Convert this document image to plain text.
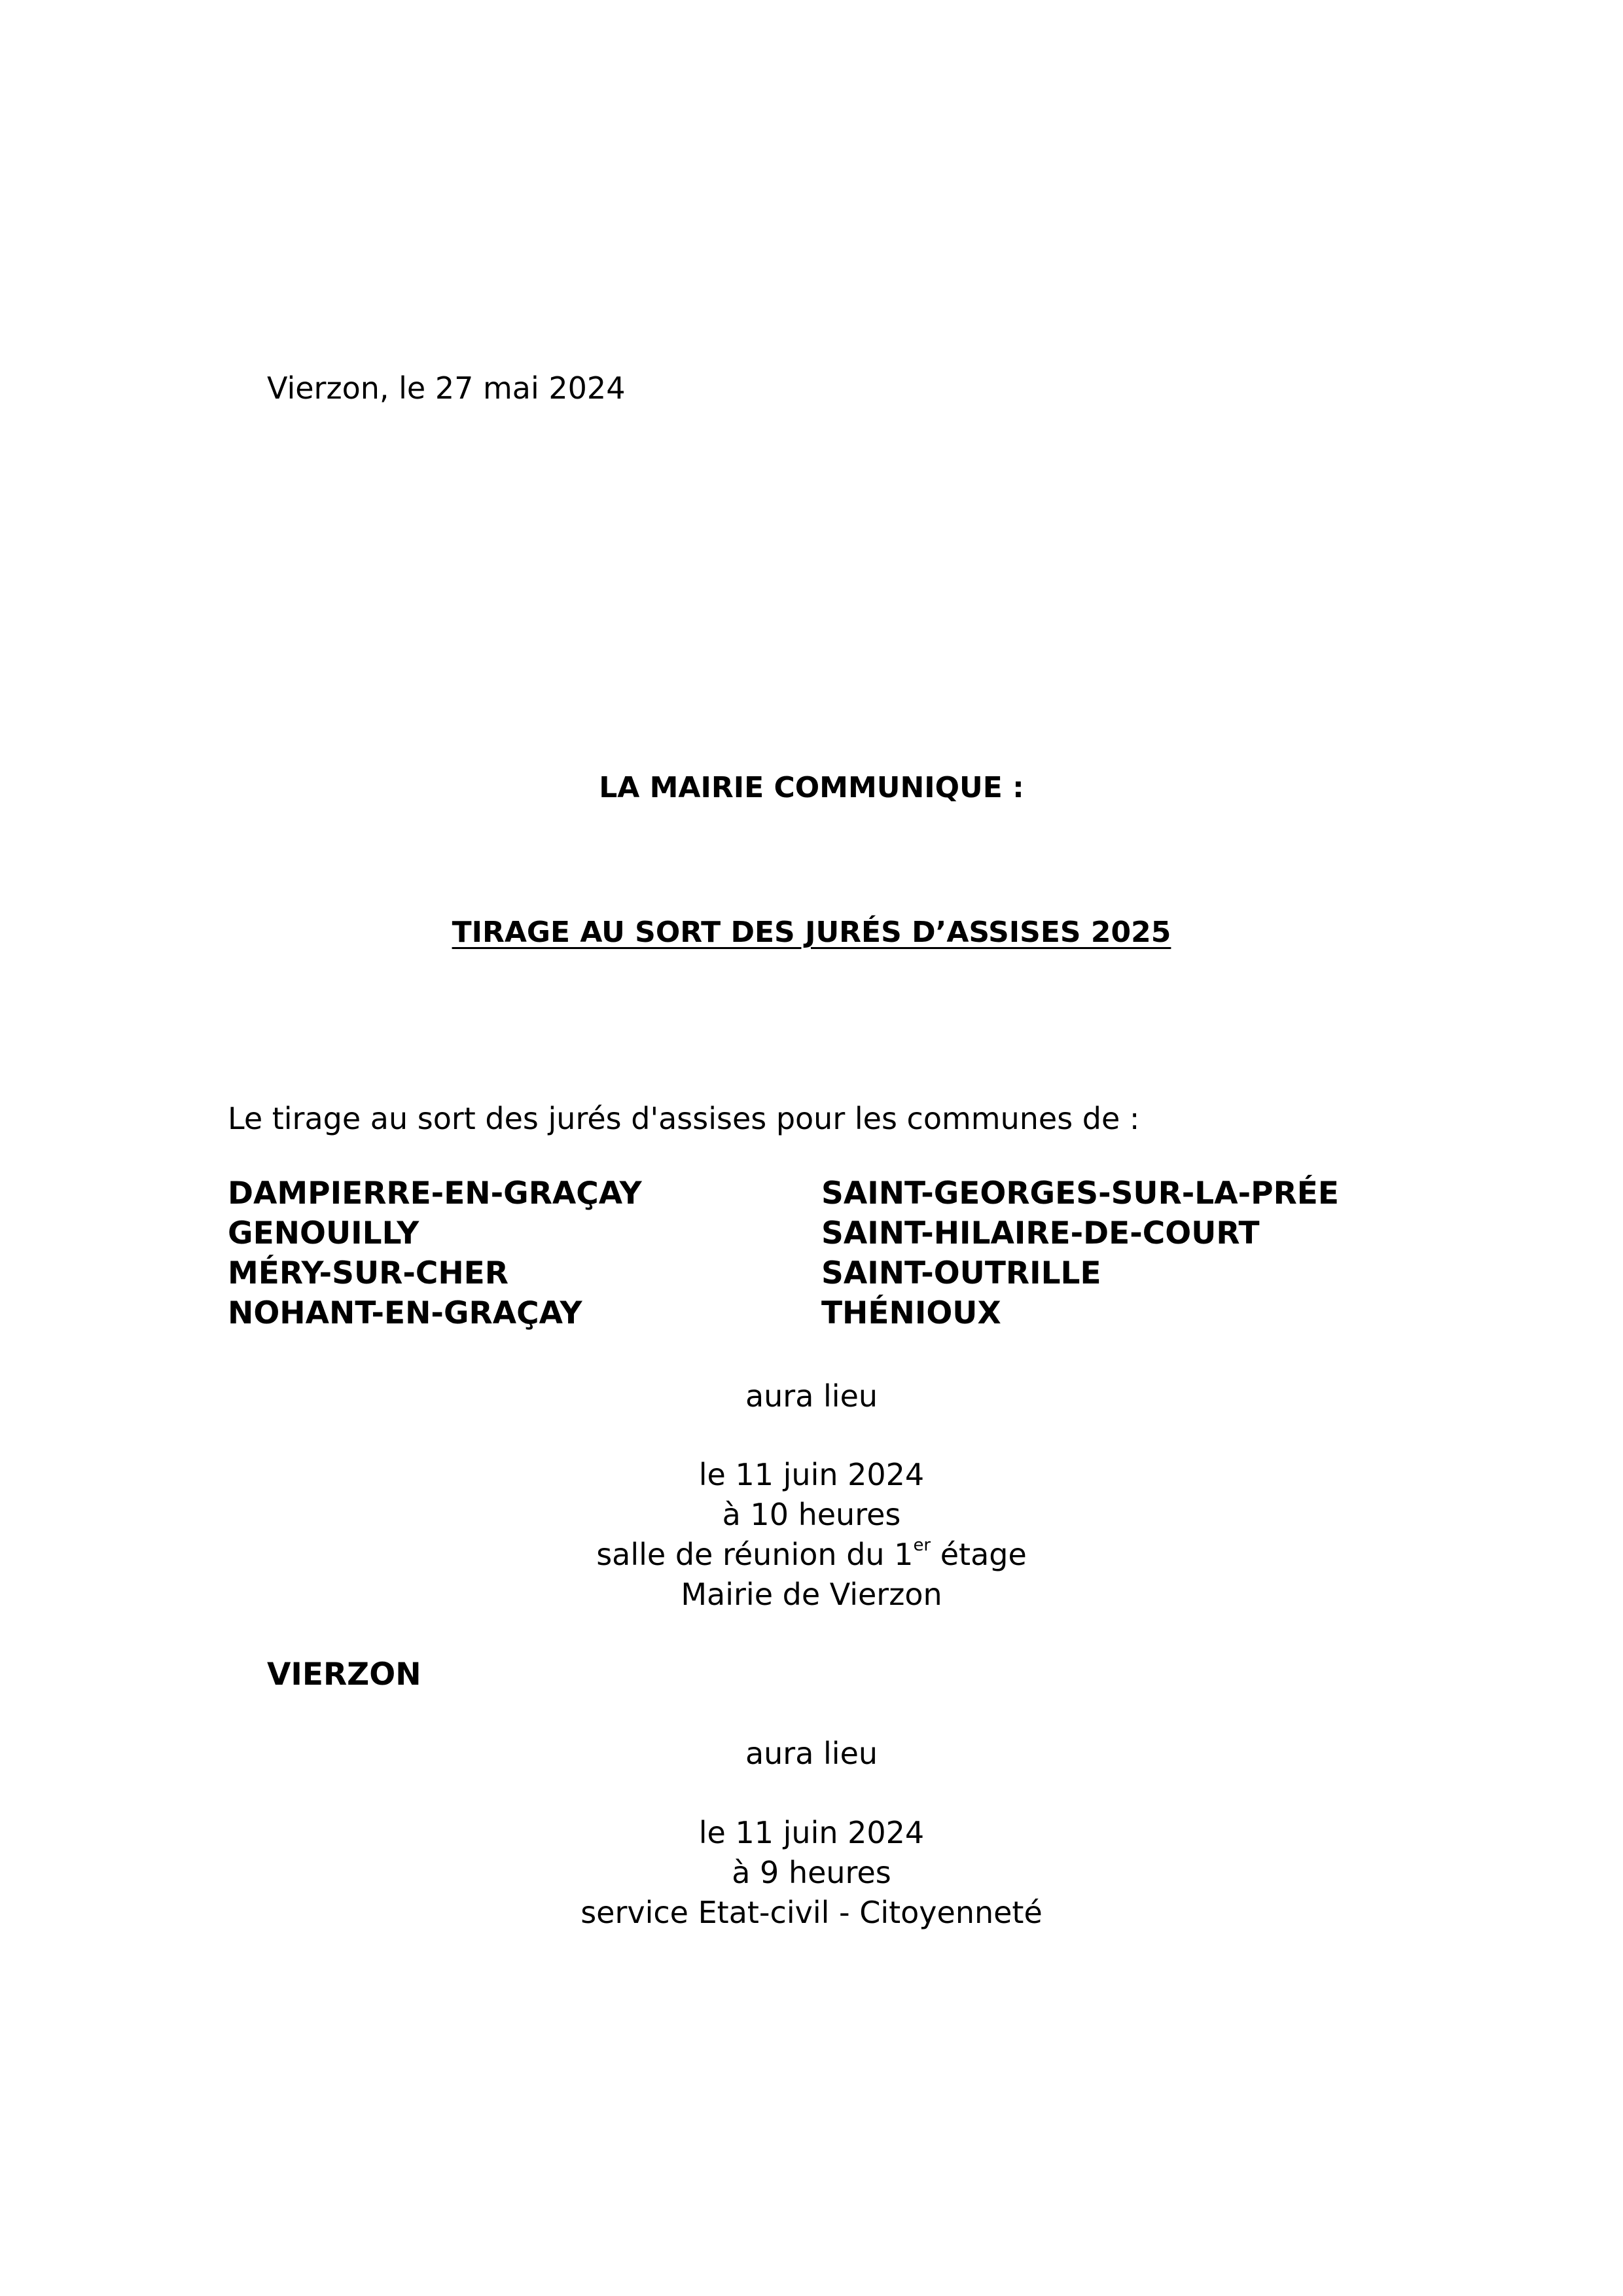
Vierzon, le 27 mai 2024
LA MAIRIE COMMUNIQUE :
TIRAGE AU SORT DES JURÉS D’ASSISES 2025
Le tirage au sort des jurés d'assises pour les communes de :
DAMPIERRE-EN-GRAÇAY
GENOUILLY
MÉRY-SUR-CHER
NOHANT-EN-GRAÇAY
SAINT-GEORGES-SUR-LA-PRÉE
SAINT-HILAIRE-DE-COURT
SAINT-OUTRILLE
THÉNIOUX
aura lieu
le 11 juin 2024
à 10 heures
salle de réunion du 1er étage
Mairie de Vierzon
VIERZON
aura lieu
le 11 juin 2024
à 9 heures
service Etat-civil - Citoyenneté
